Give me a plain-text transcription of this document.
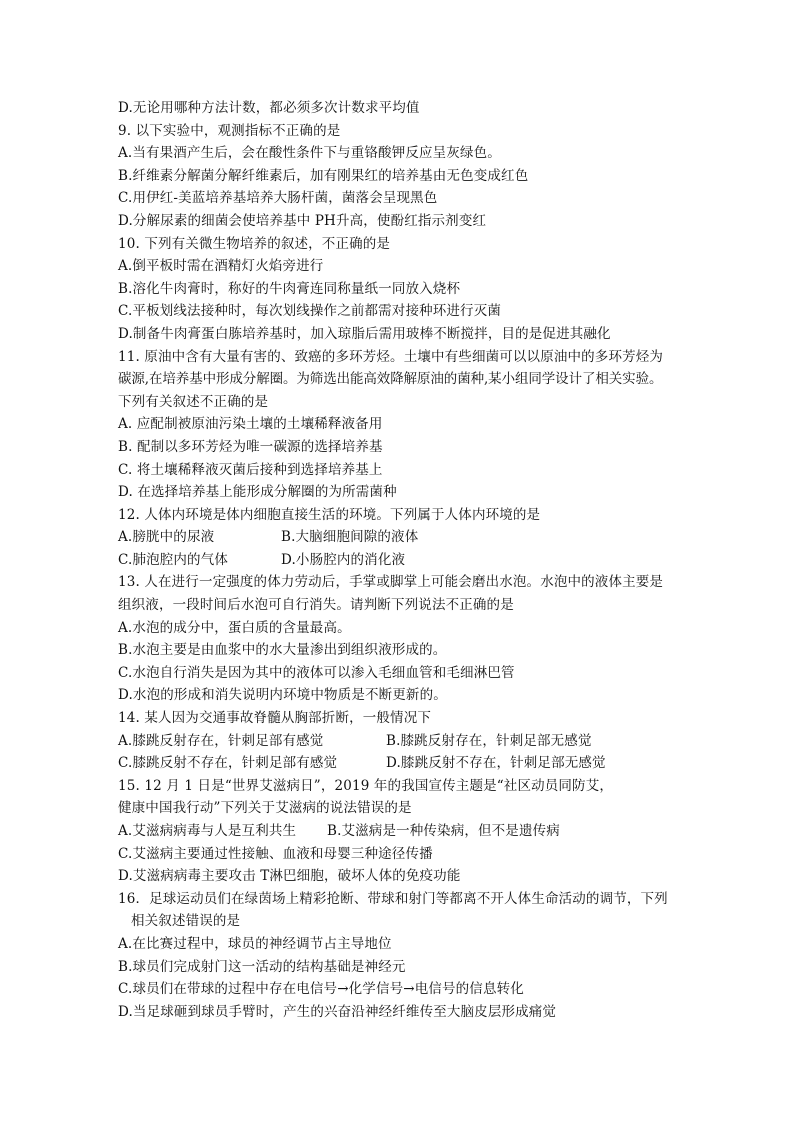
D.无论用哪种方法计数，都必须多次计数求平均值
9. 以下实验中，观测指标不正确的是
A.当有果酒产生后，会在酸性条件下与重铬酸钾反应呈灰绿色。
B.纤维素分解菌分解纤维素后，加有刚果红的培养基由无色变成红色
C.用伊红-美蓝培养基培养大肠杆菌，菌落会呈现黑色
D.分解尿素的细菌会使培养基中 PH升高，使酚红指示剂变红
10. 下列有关微生物培养的叙述，不正确的是
A.倒平板时需在酒精灯火焰旁进行
B.溶化牛肉膏时，称好的牛肉膏连同称量纸一同放入烧杯
C.平板划线法接种时，每次划线操作之前都需对接种环进行灭菌
D.制备牛肉膏蛋白胨培养基时，加入琼脂后需用玻棒不断搅拌，目的是促进其融化
11. 原油中含有大量有害的、致癌的多环芳烃。土壤中有些细菌可以以原油中的多环芳烃为
碳源,在培养基中形成分解圈。为筛选出能高效降解原油的菌种,某小组同学设计了相关实验。
下列有关叙述不正确的是
A. 应配制被原油污染土壤的土壤稀释液备用
B. 配制以多环芳烃为唯一碳源的选择培养基
C. 将土壤稀释液灭菌后接种到选择培养基上
D. 在选择培养基上能形成分解圈的为所需菌种
12. 人体内环境是体内细胞直接生活的环境。下列属于人体内环境的是
A.膀胱中的尿液	B.大脑细胞间隙的液体
C.肺泡腔内的气体	D.小肠腔内的消化液
13. 人在进行一定强度的体力劳动后，手掌或脚掌上可能会磨出水泡。水泡中的液体主要是
组织液，一段时间后水泡可自行消失。请判断下列说法不正确的是
A.水泡的成分中，蛋白质的含量最高。
B.水泡主要是由血浆中的水大量渗出到组织液形成的。
C.水泡自行消失是因为其中的液体可以渗入毛细血管和毛细淋巴管
D.水泡的形成和消失说明内环境中物质是不断更新的。
14. 某人因为交通事故脊髓从胸部折断，一般情况下
A.膝跳反射存在，针刺足部有感觉	B.膝跳反射存在，针刺足部无感觉
C.膝跳反射不存在，针刺足部有感觉	D.膝跳反射不存在，针刺足部无感觉
15. 12 月 1 日是“世界艾滋病日”，2019 年的我国宣传主题是“社区动员同防艾，
健康中国我行动”下列关于艾滋病的说法错误的是
A.艾滋病病毒与人是互利共生	B.艾滋病是一种传染病，但不是遗传病
C.艾滋病主要通过性接触、血液和母婴三种途径传播
D.艾滋病病毒主要攻击 T淋巴细胞，破坏人体的免疫功能
16．足球运动员们在绿茵场上精彩抢断、带球和射门等都离不开人体生命活动的调节，下列
相关叙述错误的是
A.在比赛过程中，球员的神经调节占主导地位
B.球员们完成射门这一活动的结构基础是神经元
C.球员们在带球的过程中存在电信号→化学信号→电信号的信息转化
D.当足球砸到球员手臂时，产生的兴奋沿神经纤维传至大脑皮层形成痛觉
